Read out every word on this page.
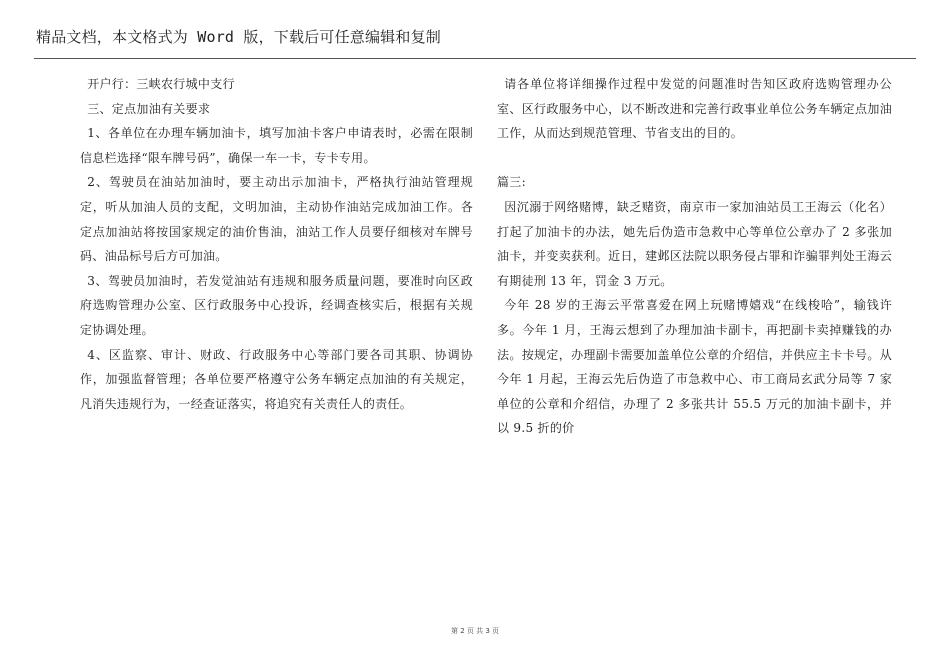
精品文档，本文格式为 Word 版，下载后可任意编辑和复制

开户行：三峡农行城中支行

三、定点加油有关要求

1、各单位在办理车辆加油卡，填写加油卡客户申请表时，必需在限制信息栏选择“限车牌号码”，确保一车一卡，专卡专用。

2、驾驶员在油站加油时，要主动出示加油卡，严格执行油站管理规定，听从加油人员的支配，文明加油，主动协作油站完成加油工作。各定点加油站将按国家规定的油价售油，油站工作人员要仔细核对车牌号码、油品标号后方可加油。

3、驾驶员加油时，若发觉油站有违规和服务质量问题，要准时向区政府选购管理办公室、区行政服务中心投诉，经调查核实后，根据有关规定协调处理。

4、区监察、审计、财政、行政服务中心等部门要各司其职、协调协作，加强监督管理；各单位要严格遵守公务车辆定点加油的有关规定，凡消失违规行为，一经查证落实，将追究有关责任人的责任。

请各单位将详细操作过程中发觉的问题准时告知区政府选购管理办公室、区行政服务中心，以不断改进和完善行政事业单位公务车辆定点加油工作，从而达到规范管理、节省支出的目的。

篇三:

因沉溺于网络赌博，缺乏赌资，南京市一家加油站员工王海云（化名）打起了加油卡的办法，她先后伪造市急救中心等单位公章办了 2 多张加油卡，并变卖获利。近日，建邺区法院以职务侵占罪和诈骗罪判处王海云有期徒刑 13 年，罚金 3 万元。

今年 28 岁的王海云平常喜爱在网上玩赌博嬉戏“在线梭哈”，输钱许多。今年 1 月，王海云想到了办理加油卡副卡，再把副卡卖掉赚钱的办法。按规定，办理副卡需要加盖单位公章的介绍信，并供应主卡卡号。从今年 1 月起，王海云先后伪造了市急救中心、市工商局玄武分局等 7 家单位的公章和介绍信，办理了 2 多张共计 55.5 万元的加油卡副卡，并以 9.5 折的价

第 2 页 共 3 页
